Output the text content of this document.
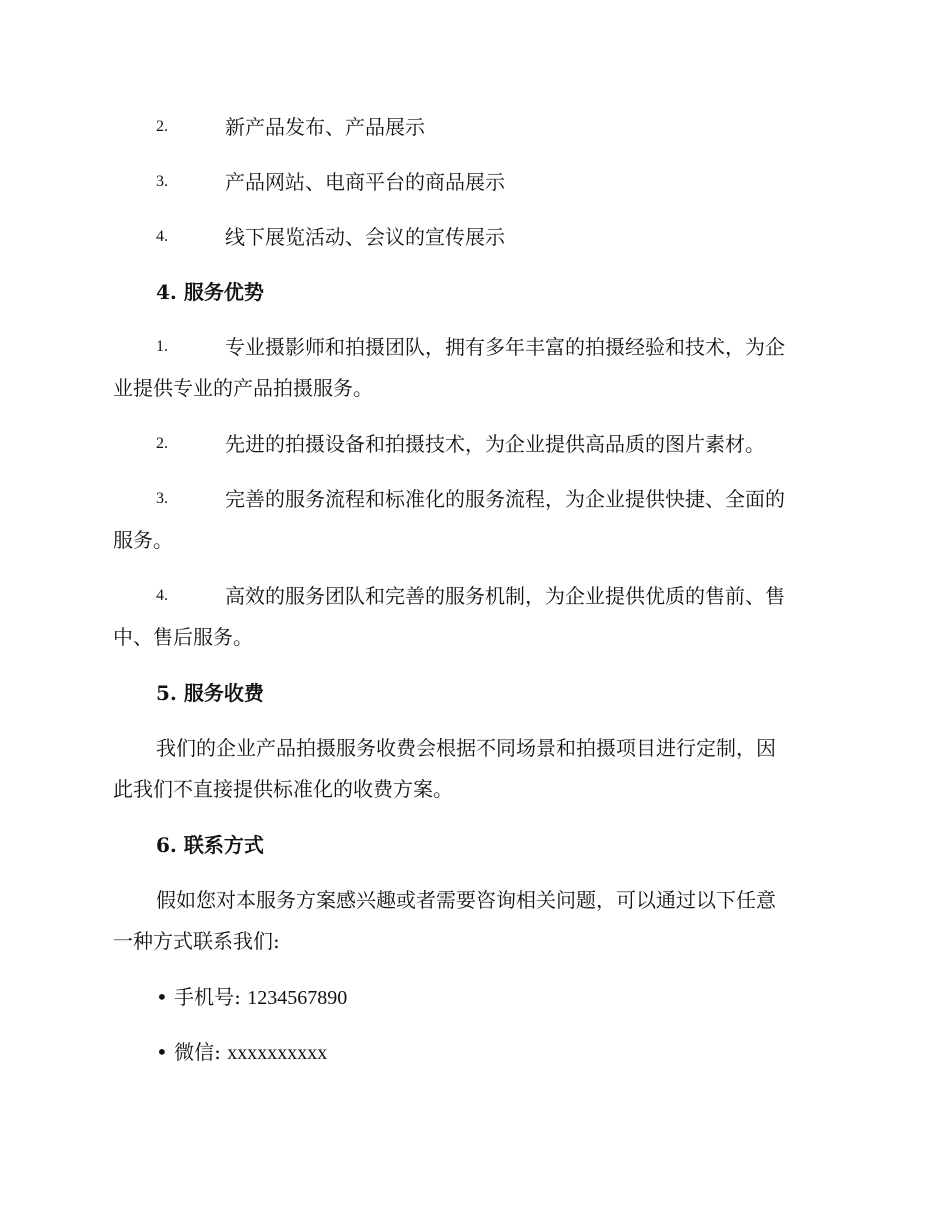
2.	新产品发布、产品展示
3.	产品网站、电商平台的商品展示
4.	线下展览活动、会议的宣传展示
4. 服务优势
1.	专业摄影师和拍摄团队，拥有多年丰富的拍摄经验和技术，为企
业提供专业的产品拍摄服务。
2.	先进的拍摄设备和拍摄技术，为企业提供高品质的图片素材。
3.	完善的服务流程和标准化的服务流程，为企业提供快捷、全面的
服务。
4.	高效的服务团队和完善的服务机制，为企业提供优质的售前、售
中、售后服务。
5. 服务收费
我们的企业产品拍摄服务收费会根据不同场景和拍摄项目进行定制，因
此我们不直接提供标准化的收费方案。
6. 联系方式
假如您对本服务方案感兴趣或者需要咨询相关问题，可以通过以下任意
一种方式联系我们:
• 手机号: 1234567890
• 微信: xxxxxxxxxx
